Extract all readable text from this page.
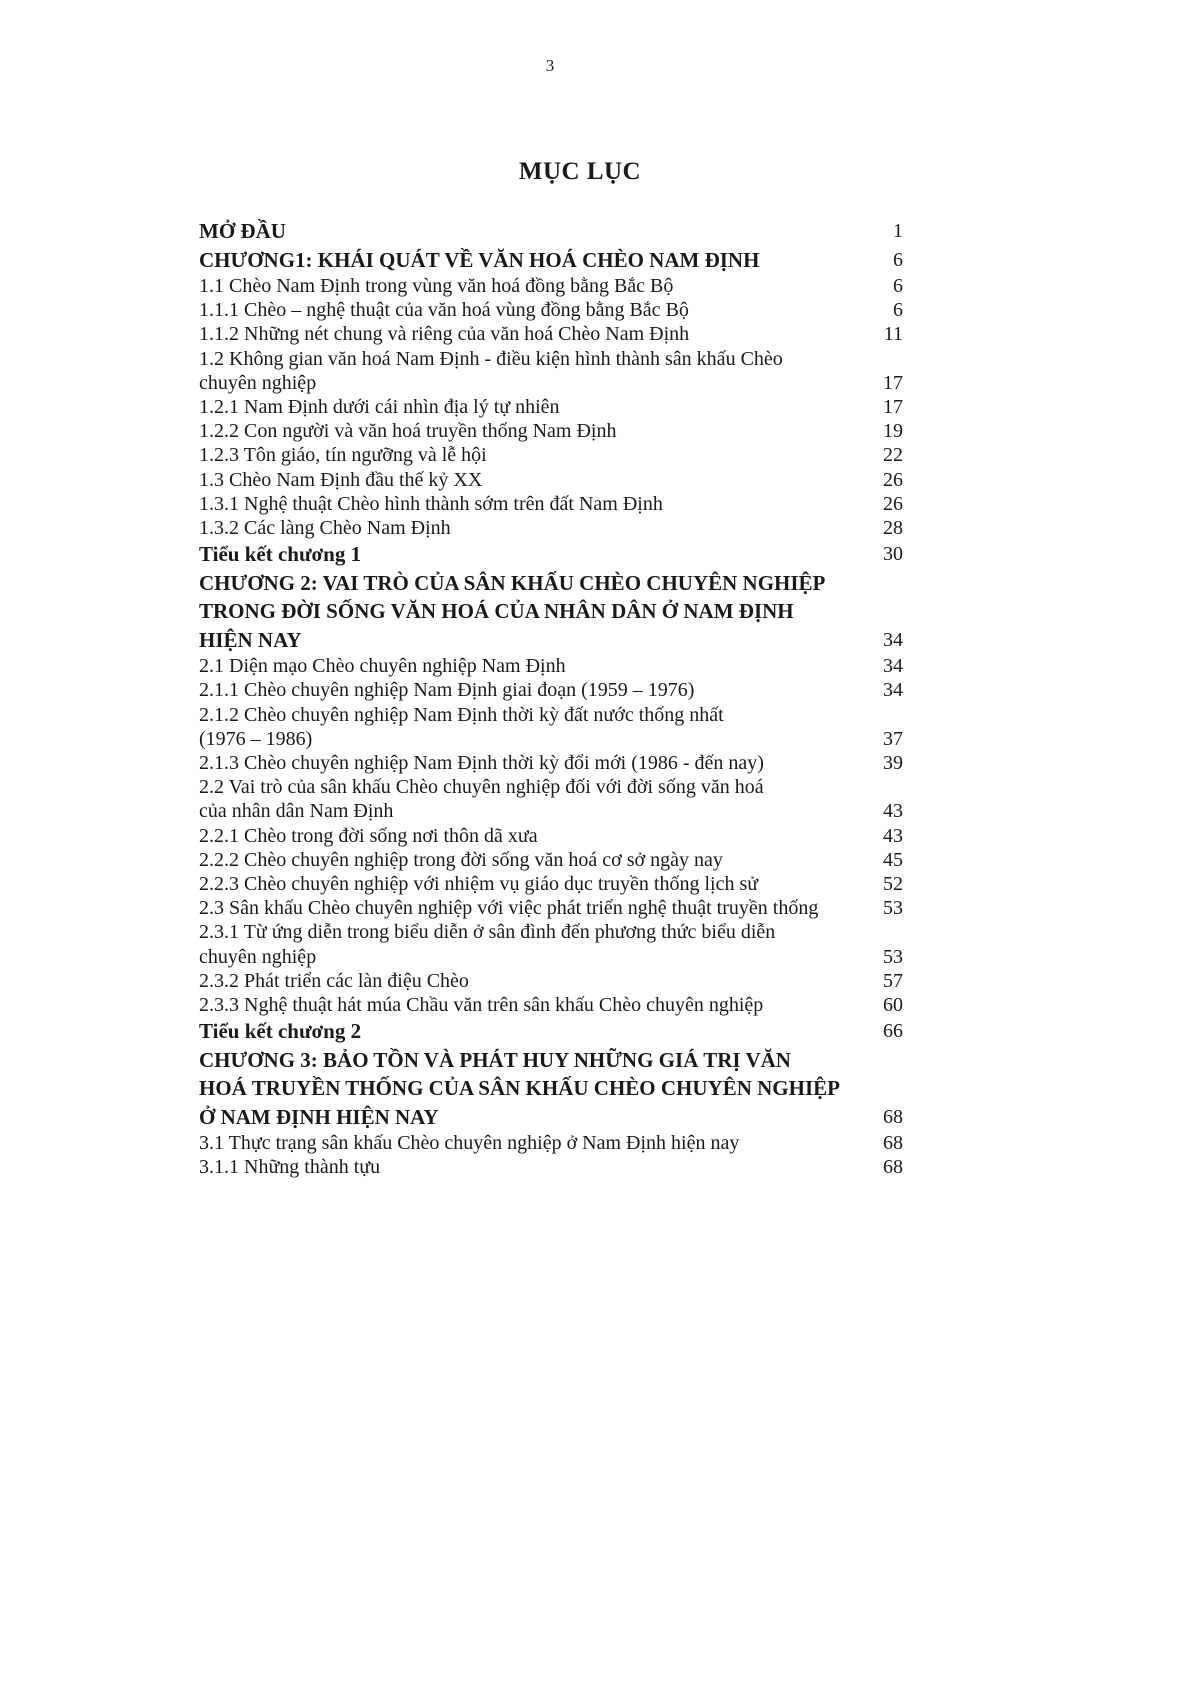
3
MỤC LỤC
MỞ ĐẦU	1
CHƯƠNG1: KHÁI QUÁT VỀ VĂN HOÁ CHÈO NAM ĐỊNH	6
1.1 Chèo Nam Định trong vùng văn hoá đồng bằng Bắc Bộ	6
1.1.1 Chèo – nghệ thuật của văn hoá vùng đồng bằng Bắc Bộ	6
1.1.2 Những nét chung và riêng của văn hoá Chèo Nam Định	11
1.2 Không gian văn hoá Nam Định - điều kiện hình thành sân khấu Chèo
chuyên nghiệp	17
1.2.1 Nam Định dưới cái nhìn địa lý tự nhiên	17
1.2.2 Con người và văn hoá truyền thống Nam Định	19
1.2.3 Tôn giáo, tín ngưỡng và lễ hội	22
1.3 Chèo Nam Định đầu thế kỷ XX	26
1.3.1 Nghệ thuật Chèo hình thành sớm trên đất Nam Định	26
1.3.2 Các làng Chèo Nam Định	28
Tiểu kết chương 1	30
CHƯƠNG 2: VAI TRÒ CỦA SÂN KHẤU CHÈO CHUYÊN NGHIỆP
TRONG ĐỜI SỐNG VĂN HOÁ CỦA NHÂN DÂN Ở NAM ĐỊNH
HIỆN NAY	34
2.1 Diện mạo Chèo chuyên nghiệp Nam Định	34
2.1.1 Chèo chuyên nghiệp Nam Định giai đoạn (1959 – 1976)	34
2.1.2 Chèo chuyên nghiệp Nam Định thời kỳ đất nước thống nhất
(1976 – 1986)	37
2.1.3 Chèo chuyên nghiệp Nam Định thời kỳ đổi mới (1986 - đến nay)	39
2.2 Vai trò của sân khấu Chèo chuyên nghiệp đối với đời sống văn hoá
của nhân dân Nam Định	43
2.2.1 Chèo trong đời sống nơi thôn dã xưa	43
2.2.2 Chèo chuyên nghiệp trong đời sống văn hoá cơ sở ngày nay	45
2.2.3 Chèo chuyên nghiệp với nhiệm vụ giáo dục truyền thống lịch sử	52
2.3 Sân khấu Chèo chuyên nghiệp với việc phát triển nghệ thuật truyền thống	53
2.3.1 Từ ứng diễn trong biểu diễn ở sân đình đến phương thức biểu diễn
chuyên nghiệp	53
2.3.2 Phát triển các làn điệu Chèo	57
2.3.3 Nghệ thuật hát múa Chầu văn trên sân khấu Chèo chuyên nghiệp	60
Tiểu kết chương 2	66
CHƯƠNG 3: BẢO TỒN VÀ PHÁT HUY NHỮNG GIÁ TRỊ VĂN
HOÁ TRUYỀN THỐNG CỦA SÂN KHẤU CHÈO CHUYÊN NGHIỆP
Ở NAM ĐỊNH HIỆN NAY	68
3.1 Thực trạng sân khấu Chèo chuyên nghiệp ở Nam Định hiện nay	68
3.1.1 Những thành tựu	68
